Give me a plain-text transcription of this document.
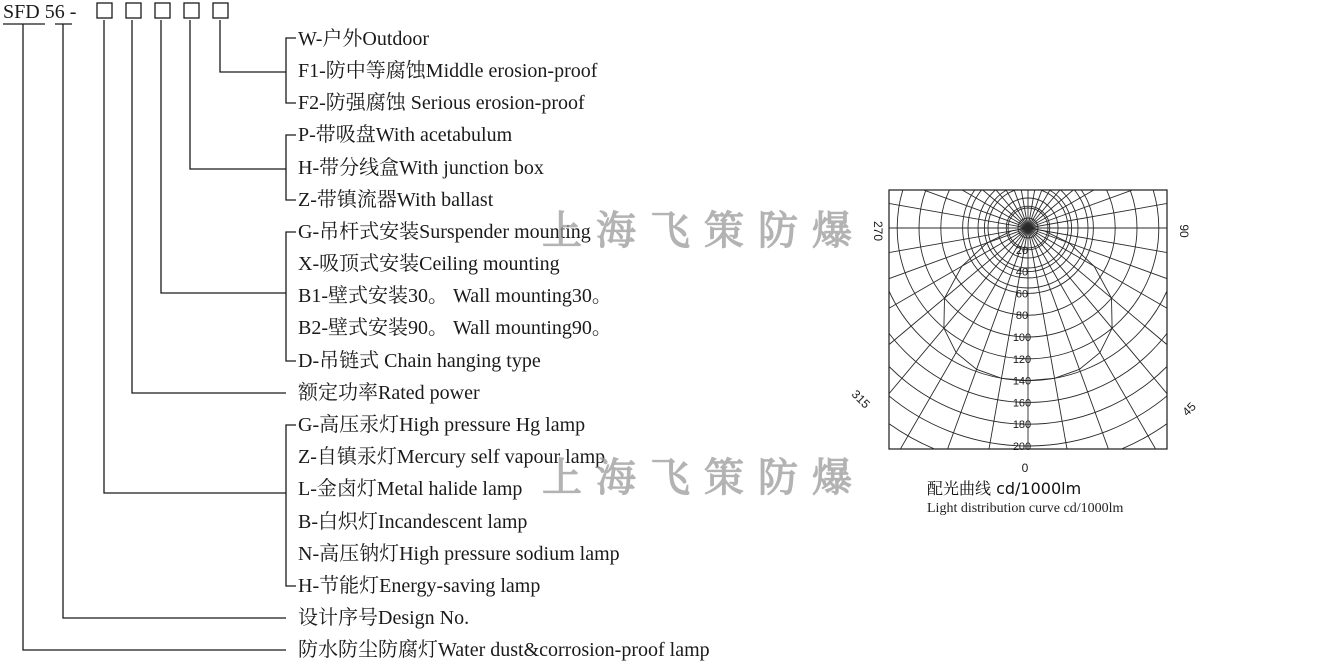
SFD 56 -
W-户外Outdoor
F1-防中等腐蚀Middle erosion-proof
F2-防强腐蚀 Serious erosion-proof
P-带吸盘With acetabulum
H-带分线盒With junction box
Z-带镇流器With ballast
G-吊杆式安装Surspender mounting
X-吸顶式安装Ceiling mounting
B1-壁式安装30。 Wall mounting30。
B2-壁式安装90。 Wall mounting90。
D-吊链式 Chain hanging type
额定功率Rated power
G-高压汞灯High pressure Hg lamp
Z-自镇汞灯Mercury self vapour lamp
L-金卤灯Metal halide lamp
B-白炽灯Incandescent lamp
N-高压钠灯High pressure sodium lamp
H-节能灯Energy-saving lamp
设计序号Design No.
防水防尘防腐灯Water dust&corrosion-proof lamp
上海飞策防爆
上海飞策防爆
20
40
60
80
100
120
140
160
180
200
270	90
315	45
0
配光曲线 cd/1000lm
Light distribution curve cd/1000lm
